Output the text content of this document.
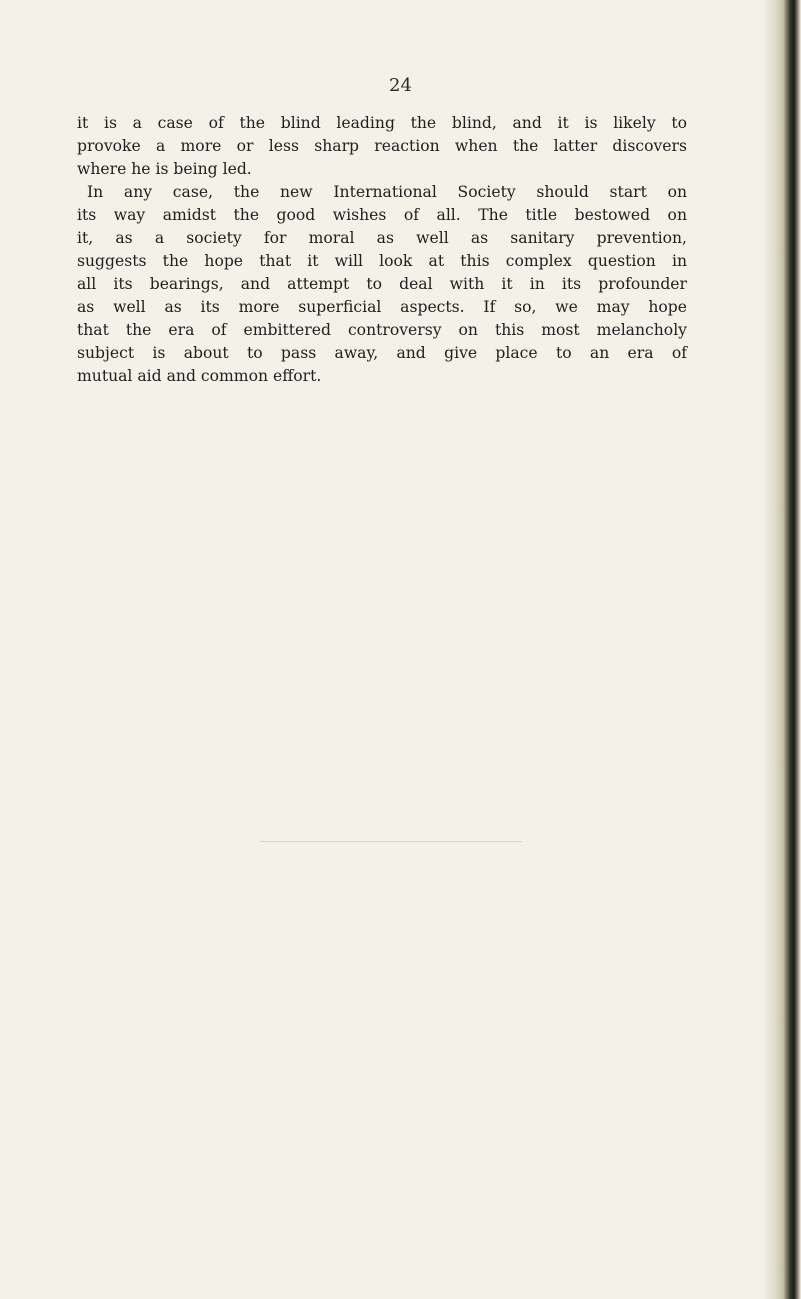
24

it is a case of the blind leading the blind, and it is likely to
provoke a more or less sharp reaction when the latter discovers
where he is being led.
In any case, the new International Society should start on
its way amidst the good wishes of all. The title bestowed on
it, as a society for moral as well as sanitary prevention,
suggests the hope that it will look at this complex question in
all its bearings, and attempt to deal with it in its profounder
as well as its more superficial aspects. If so, we may hope
that the era of embittered controversy on this most melancholy
subject is about to pass away, and give place to an era of
mutual aid and common effort.
